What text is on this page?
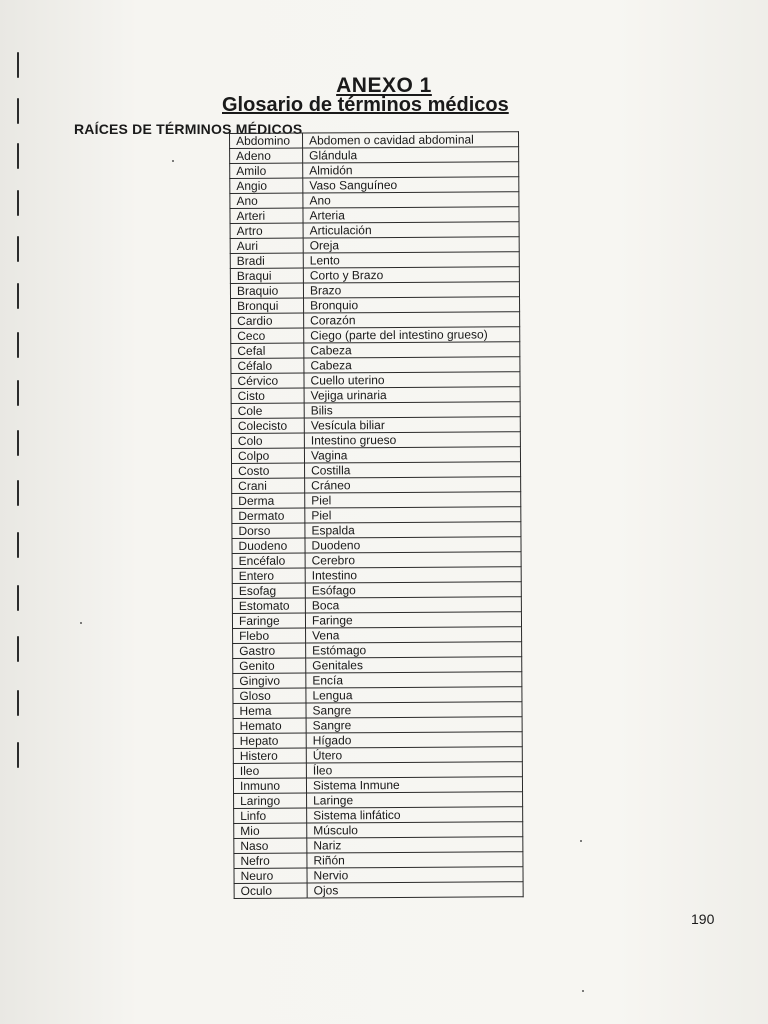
ANEXO 1
Glosario de términos médicos
RAÍCES DE TÉRMINOS MÉDICOS
Abdomino	Abdomen o cavidad abdominal
Adeno	Glándula
Amilo	Almidón
Angio	Vaso Sanguíneo
Ano	Ano
Arteri	Arteria
Artro	Articulación
Auri	Oreja
Bradi	Lento
Braqui	Corto y Brazo
Braquio	Brazo
Bronqui	Bronquio
Cardio	Corazón
Ceco	Ciego (parte del intestino grueso)
Cefal	Cabeza
Céfalo	Cabeza
Cérvico	Cuello uterino
Cisto	Vejiga urinaria
Cole	Bilis
Colecisto	Vesícula biliar
Colo	Intestino grueso
Colpo	Vagina
Costo	Costilla
Crani	Cráneo
Derma	Piel
Dermato	Piel
Dorso	Espalda
Duodeno	Duodeno
Encéfalo	Cerebro
Entero	Intestino
Esofag	Esófago
Estomato	Boca
Faringe	Faringe
Flebo	Vena
Gastro	Estómago
Genito	Genitales
Gingivo	Encía
Gloso	Lengua
Hema	Sangre
Hemato	Sangre
Hepato	Hígado
Histero	Útero
Ileo	Íleo
Inmuno	Sistema Inmune
Laringo	Laringe
Linfo	Sistema linfático
Mio	Músculo
Naso	Nariz
Nefro	Riñón
Neuro	Nervio
Oculo	Ojos
190
